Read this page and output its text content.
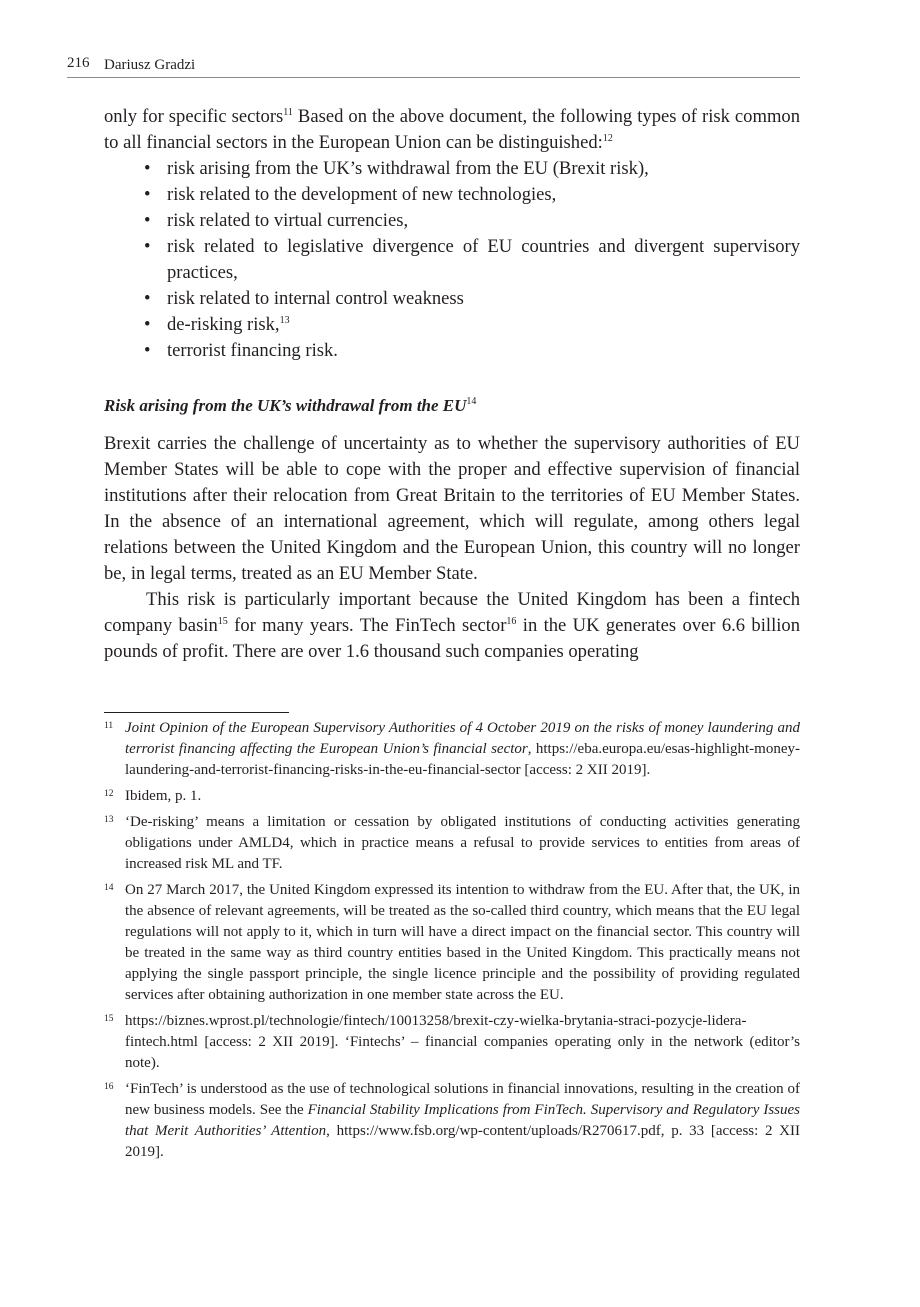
216 Dariusz Gradzi
only for specific sectors$^{11}$ Based on the above document, the following types of risk common to all financial sectors in the European Union can be distinguished:$^{12}$
• risk arising from the UK’s withdrawal from the EU (Brexit risk),
• risk related to the development of new technologies,
• risk related to virtual currencies,
• risk related to legislative divergence of EU countries and divergent supervisory practices,
• risk related to internal control weakness
• de-risking risk,$^{13}$
• terrorist financing risk.
Risk arising from the UK’s withdrawal from the EU$^{14}$
Brexit carries the challenge of uncertainty as to whether the supervisory authorities of EU Member States will be able to cope with the proper and effective supervision of financial institutions after their relocation from Great Britain to the territories of EU Member States. In the absence of an international agreement, which will regulate, among others legal relations between the United Kingdom and the European Union, this country will no longer be, in legal terms, treated as an EU Member State.
This risk is particularly important because the United Kingdom has been a fintech company basin$^{15}$ for many years. The FinTech sector$^{16}$ in the UK generates over 6.6 billion pounds of profit. There are over 1.6 thousand such companies operating
11 Joint Opinion of the European Supervisory Authorities of 4 October 2019 on the risks of money laundering and terrorist financing affecting the European Union’s financial sector, https://eba.europa.eu/esas-highlight-money-laundering-and-terrorist-financing-risks-in-the-eu-financial-sector [access: 2 XII 2019].
12 Ibidem, p. 1.
13 ‘De-risking’ means a limitation or cessation by obligated institutions of conducting activities generating obligations under AMLD4, which in practice means a refusal to provide services to entities from areas of increased risk ML and TF.
14 On 27 March 2017, the United Kingdom expressed its intention to withdraw from the EU. After that, the UK, in the absence of relevant agreements, will be treated as the so-called third country, which means that the EU legal regulations will not apply to it, which in turn will have a direct impact on the financial sector. This country will be treated in the same way as third country entities based in the United Kingdom. This practically means not applying the single passport principle, the single licence principle and the possibility of providing regulated services after obtaining authorization in one member state across the EU.
15 https://biznes.wprost.pl/technologie/fintech/10013258/brexit-czy-wielka-brytania-straci-pozycje-lidera-fintech.html [access: 2 XII 2019]. ‘Fintechs’ – financial companies operating only in the network (editor’s note).
16 ‘FinTech’ is understood as the use of technological solutions in financial innovations, resulting in the creation of new business models. See the Financial Stability Implications from FinTech. Supervisory and Regulatory Issues that Merit Authorities’ Attention, https://www.fsb.org/wp-content/uploads/R270617.pdf, p. 33 [access: 2 XII 2019].
